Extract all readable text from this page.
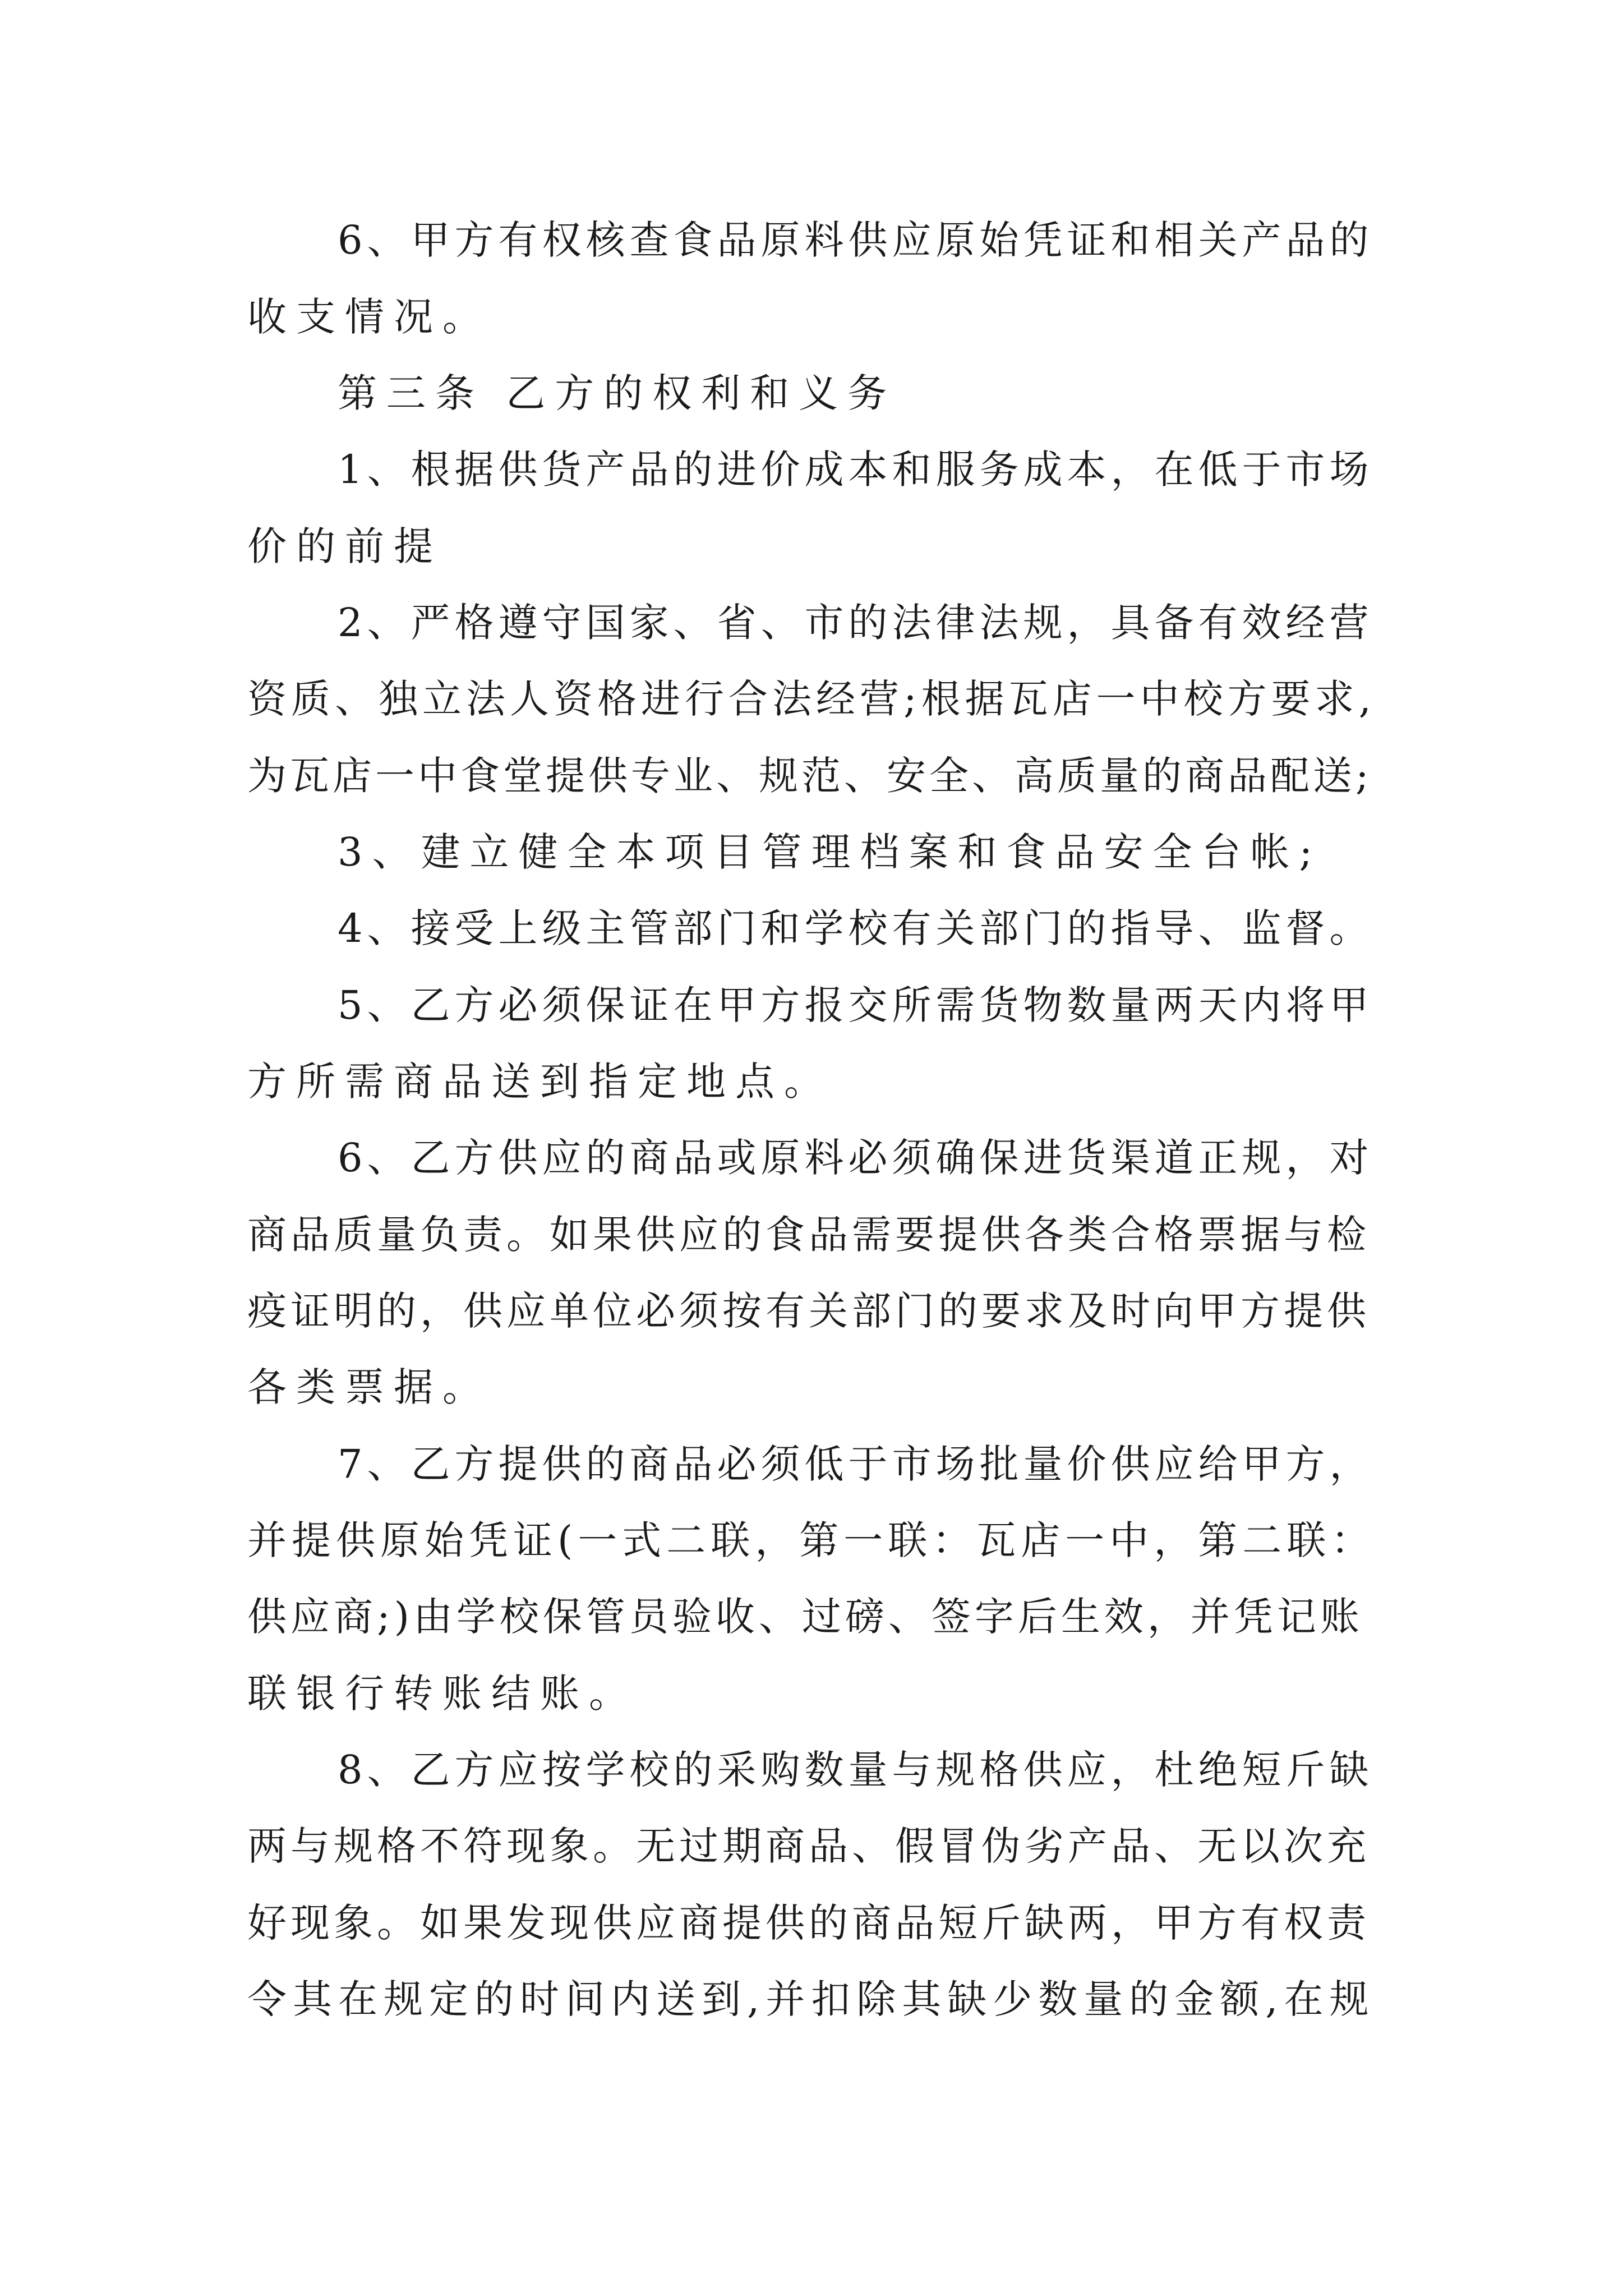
6、甲方有权核查食品原料供应原始凭证和相关产品的
收支情况。
第三条 乙方的权利和义务
1、根据供货产品的进价成本和服务成本，在低于市场
价的前提
2、严格遵守国家、省、市的法律法规，具备有效经营
资质、独立法人资格进行合法经营;根据瓦店一中校方要求,
为瓦店一中食堂提供专业、规范、安全、高质量的商品配送;
3、建立健全本项目管理档案和食品安全台帐;
4、接受上级主管部门和学校有关部门的指导、监督。
5、乙方必须保证在甲方报交所需货物数量两天内将甲
方所需商品送到指定地点。
6、乙方供应的商品或原料必须确保进货渠道正规，对
商品质量负责。如果供应的食品需要提供各类合格票据与检
疫证明的，供应单位必须按有关部门的要求及时向甲方提供
各类票据。
7、乙方提供的商品必须低于市场批量价供应给甲方，
并提供原始凭证(一式二联，第一联：瓦店一中，第二联：
供应商;)由学校保管员验收、过磅、签字后生效，并凭记账
联银行转账结账。
8、乙方应按学校的采购数量与规格供应，杜绝短斤缺
两与规格不符现象。无过期商品、假冒伪劣产品、无以次充
好现象。如果发现供应商提供的商品短斤缺两，甲方有权责
令其在规定的时间内送到,并扣除其缺少数量的金额,在规
